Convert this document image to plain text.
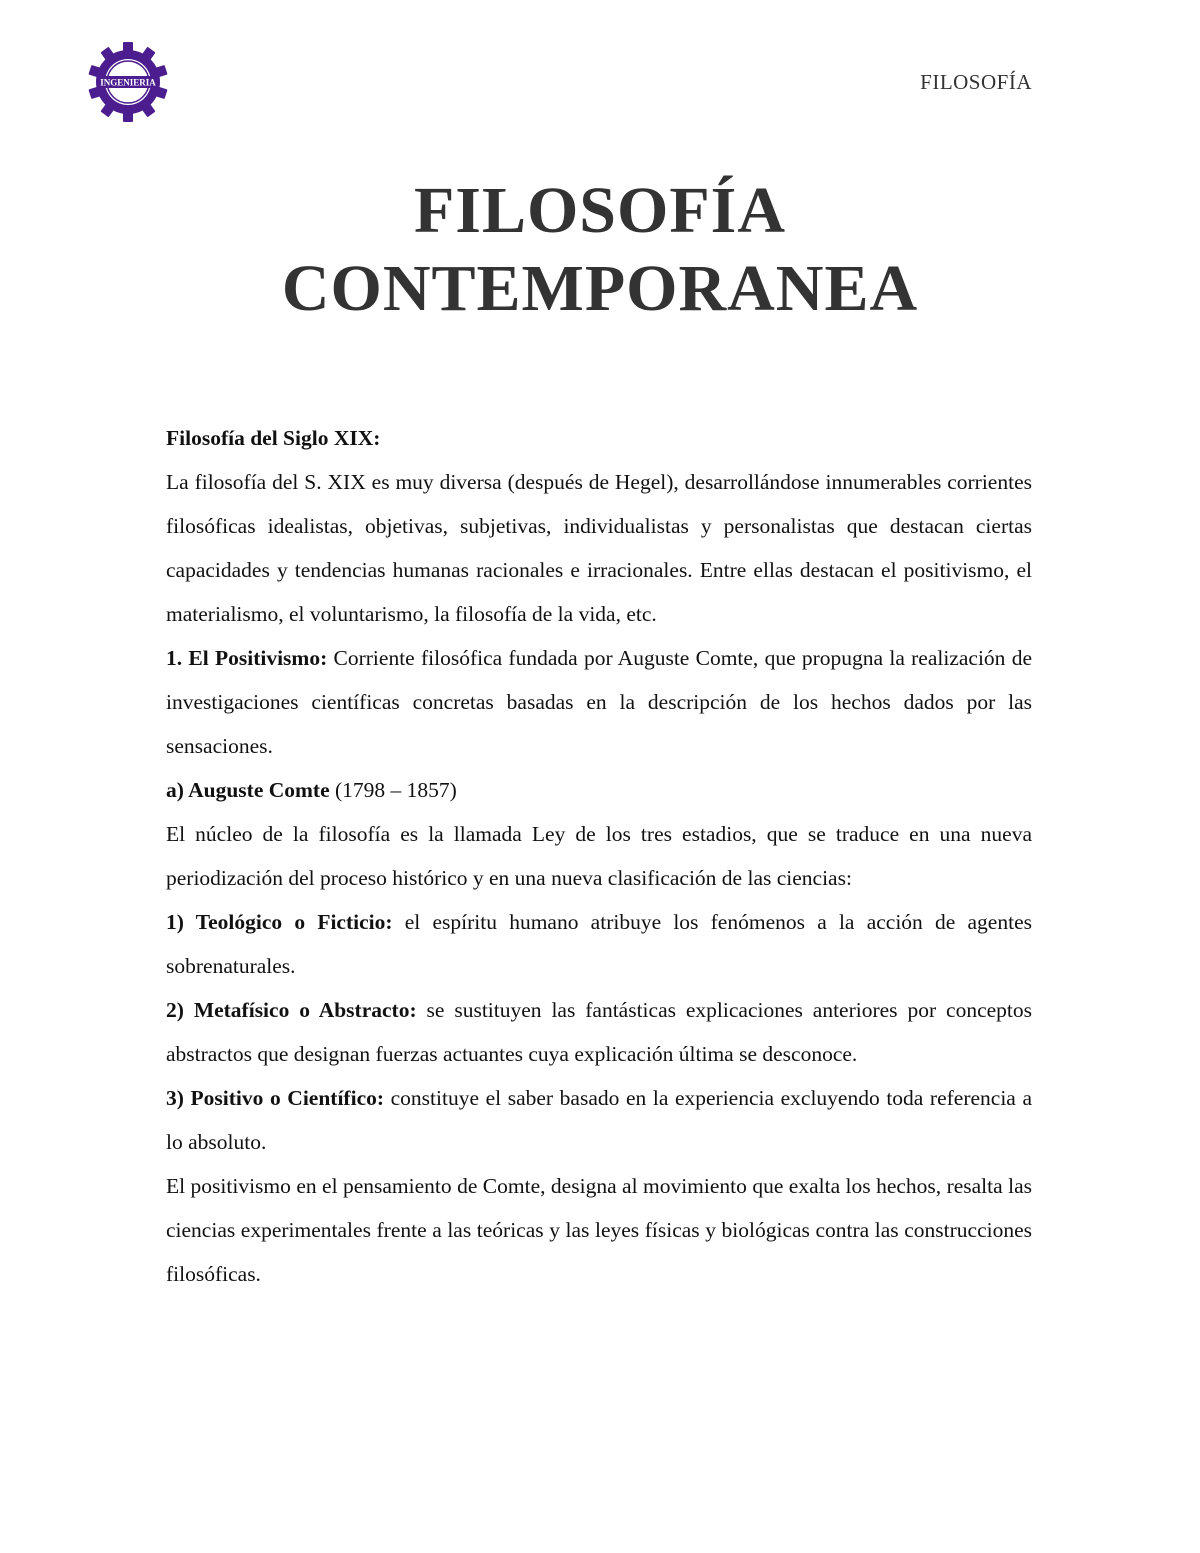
INGENIERIA	FILOSOFÍA
FILOSOFÍA
CONTEMPORANEA

Filosofía del Siglo XIX:

La filosofía del S. XIX es muy diversa (después de Hegel), desarrollándose innumerables corrientes filosóficas idealistas, objetivas, subjetivas, individualistas y personalistas que destacan ciertas capacidades y tendencias humanas racionales e irracionales. Entre ellas destacan el positivismo, el materialismo, el voluntarismo, la filosofía de la vida, etc.

1. El Positivismo: Corriente filosófica fundada por Auguste Comte, que propugna la realización de investigaciones científicas concretas basadas en la descripción de los hechos dados por las sensaciones.

a) Auguste Comte (1798 – 1857)

El núcleo de la filosofía es la llamada Ley de los tres estadios, que se traduce en una nueva periodización del proceso histórico y en una nueva clasificación de las ciencias:

1) Teológico o Ficticio: el espíritu humano atribuye los fenómenos a la acción de agentes sobrenaturales.

2) Metafísico o Abstracto: se sustituyen las fantásticas explicaciones anteriores por conceptos abstractos que designan fuerzas actuantes cuya explicación última se desconoce.

3) Positivo o Científico: constituye el saber basado en la experiencia excluyendo toda referencia a lo absoluto.

El positivismo en el pensamiento de Comte, designa al movimiento que exalta los hechos, resalta las ciencias experimentales frente a las teóricas y las leyes físicas y biológicas contra las construcciones filosóficas.
